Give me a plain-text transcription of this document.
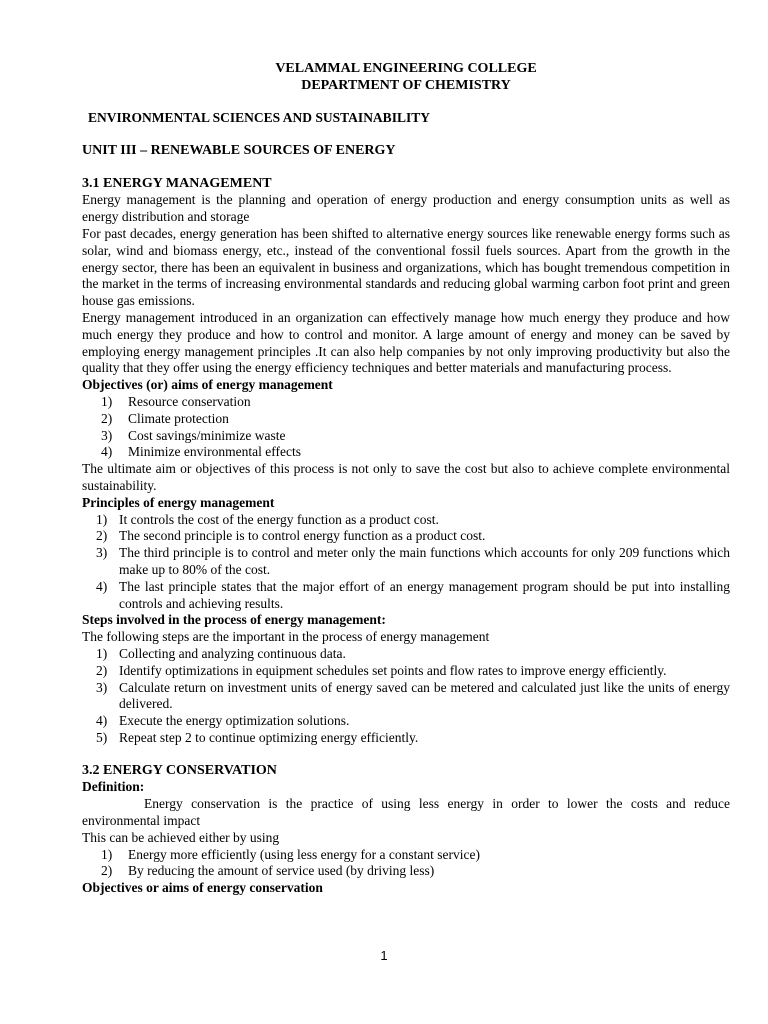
VELAMMAL ENGINEERING COLLEGE
DEPARTMENT OF CHEMISTRY
ENVIRONMENTAL SCIENCES AND SUSTAINABILITY
UNIT III – RENEWABLE SOURCES OF ENERGY
3.1 ENERGY MANAGEMENT

Energy management is the planning and operation of energy production and energy consumption units as well as energy distribution and storage

For past decades, energy generation has been shifted to alternative energy sources like renewable energy forms such as solar, wind and biomass energy, etc., instead of the conventional fossil fuels sources. Apart from the growth in the energy sector, there has been an equivalent in business and organizations, which has bought tremendous competition in the market in the terms of increasing environmental standards and reducing global warming carbon foot print and green house gas emissions.

Energy management introduced in an organization can effectively manage how much energy they produce and how much energy they produce and how to control and monitor. A large amount of energy and money can be saved by employing energy management principles .It can also help companies by not only improving productivity but also the quality that they offer using the energy efficiency techniques and better materials and manufacturing process.

Objectives (or) aims of energy management
1) Resource conservation
2) Climate protection
3) Cost savings/minimize waste
4) Minimize environmental effects

The ultimate aim or objectives of this process is not only to save the cost but also to achieve complete environmental sustainability.

Principles of energy management
1) It controls the cost of the energy function as a product cost.
2) The second principle is to control energy function as a product cost.
3) The third principle is to control and meter only the main functions which accounts for only 209 functions which make up to 80% of the cost.
4) The last principle states that the major effort of an energy management program should be put into installing controls and achieving results.
Steps involved in the process of energy management:

The following steps are the important in the process of energy management

1) Collecting and analyzing continuous data.
2) Identify optimizations in equipment schedules set points and flow rates to improve energy efficiently.
3) Calculate return on investment units of energy saved can be metered and calculated just like the units of energy delivered.
4) Execute the energy optimization solutions.
5) Repeat step 2 to continue optimizing energy efficiently.
3.2 ENERGY CONSERVATION
Definition:

Energy conservation is the practice of using less energy in order to lower the costs and reduce environmental impact

This can be achieved either by using

1) Energy more efficiently (using less energy for a constant service)
2) By reducing the amount of service used (by driving less)
Objectives or aims of energy conservation
1
